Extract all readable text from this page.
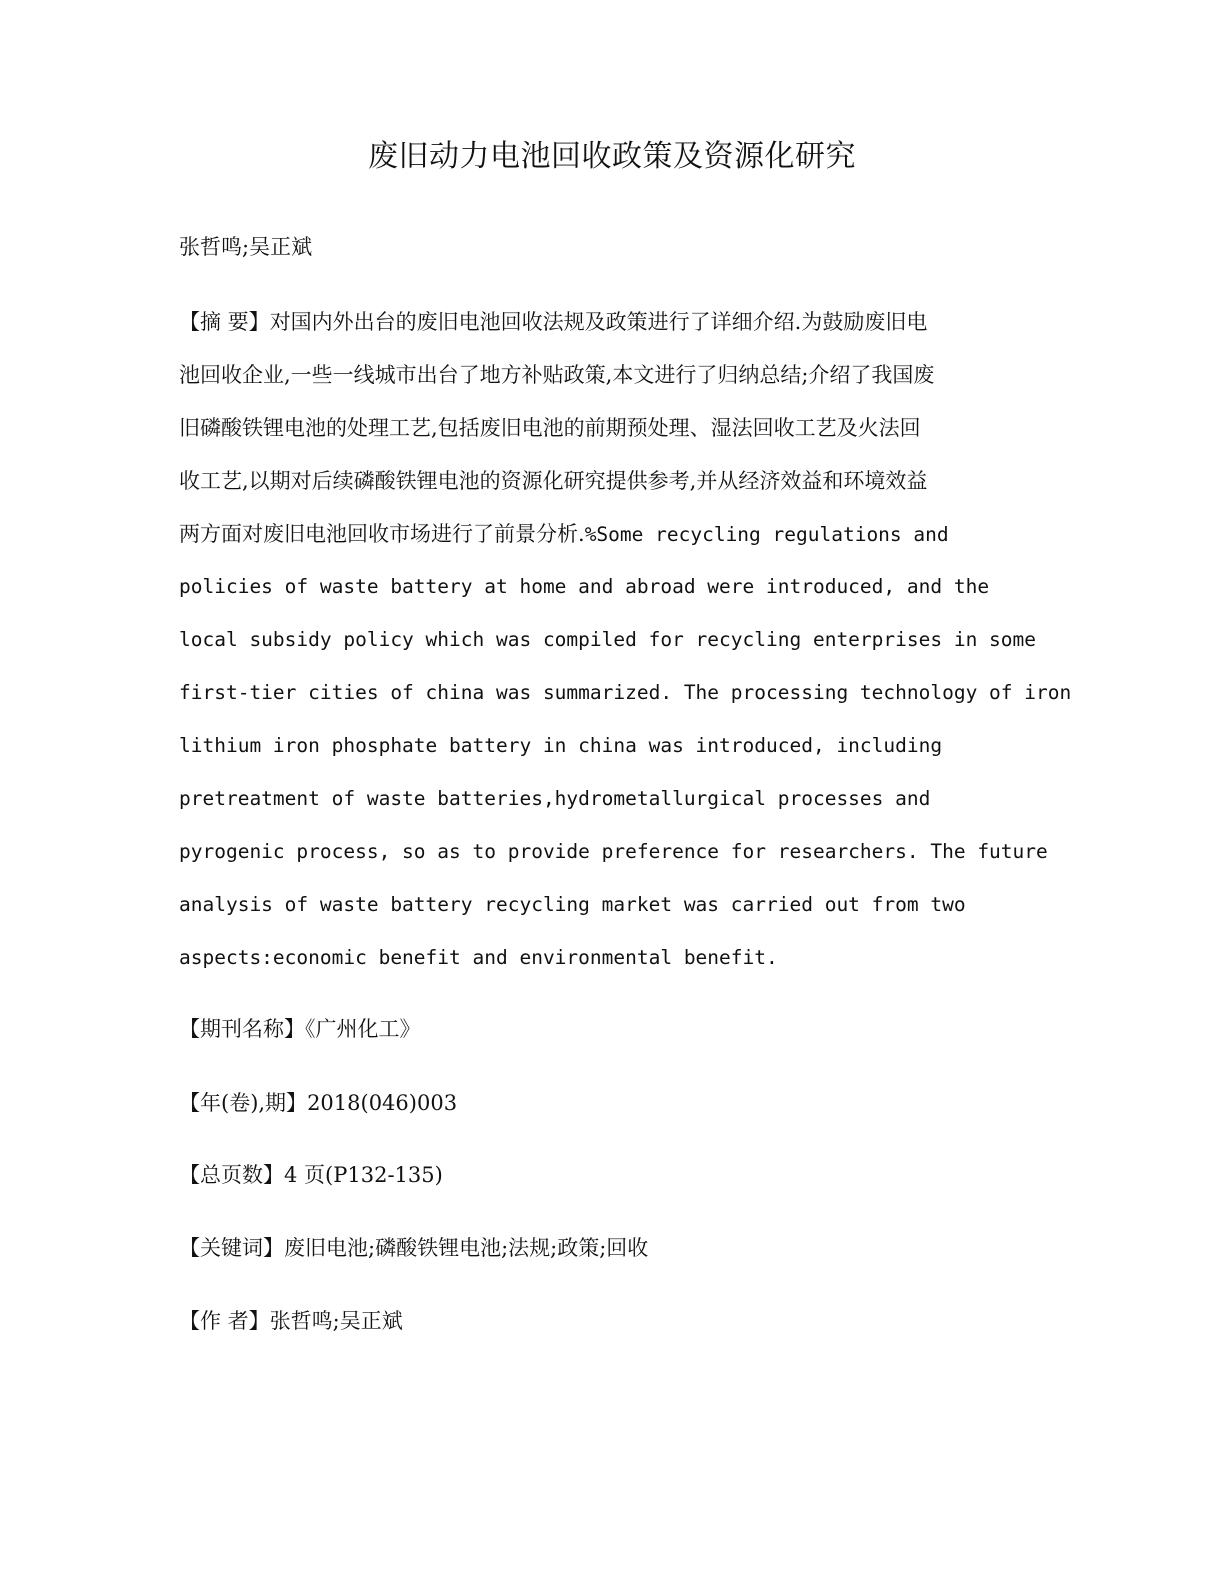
废旧动力电池回收政策及资源化研究
张哲鸣;吴正斌
【摘 要】对国内外出台的废旧电池回收法规及政策进行了详细介绍.为鼓励废旧电
池回收企业,一些一线城市出台了地方补贴政策,本文进行了归纳总结;介绍了我国废
旧磷酸铁锂电池的处理工艺,包括废旧电池的前期预处理、湿法回收工艺及火法回
收工艺,以期对后续磷酸铁锂电池的资源化研究提供参考,并从经济效益和环境效益
两方面对废旧电池回收市场进行了前景分析.%Some recycling regulations and
policies of waste battery at home and abroad were introduced, and the
local subsidy policy which was compiled for recycling enterprises in some
first-tier cities of china was summarized. The processing technology of iron
lithium iron phosphate battery in china was introduced, including
pretreatment of waste batteries,hydrometallurgical processes and
pyrogenic process, so as to provide preference for researchers. The future
analysis of waste battery recycling market was carried out from two
aspects:economic benefit and environmental benefit.
【期刊名称】《广州化工》
【年(卷),期】2018(046)003
【总页数】4 页(P132-135)
【关键词】废旧电池;磷酸铁锂电池;法规;政策;回收
【作 者】张哲鸣;吴正斌
